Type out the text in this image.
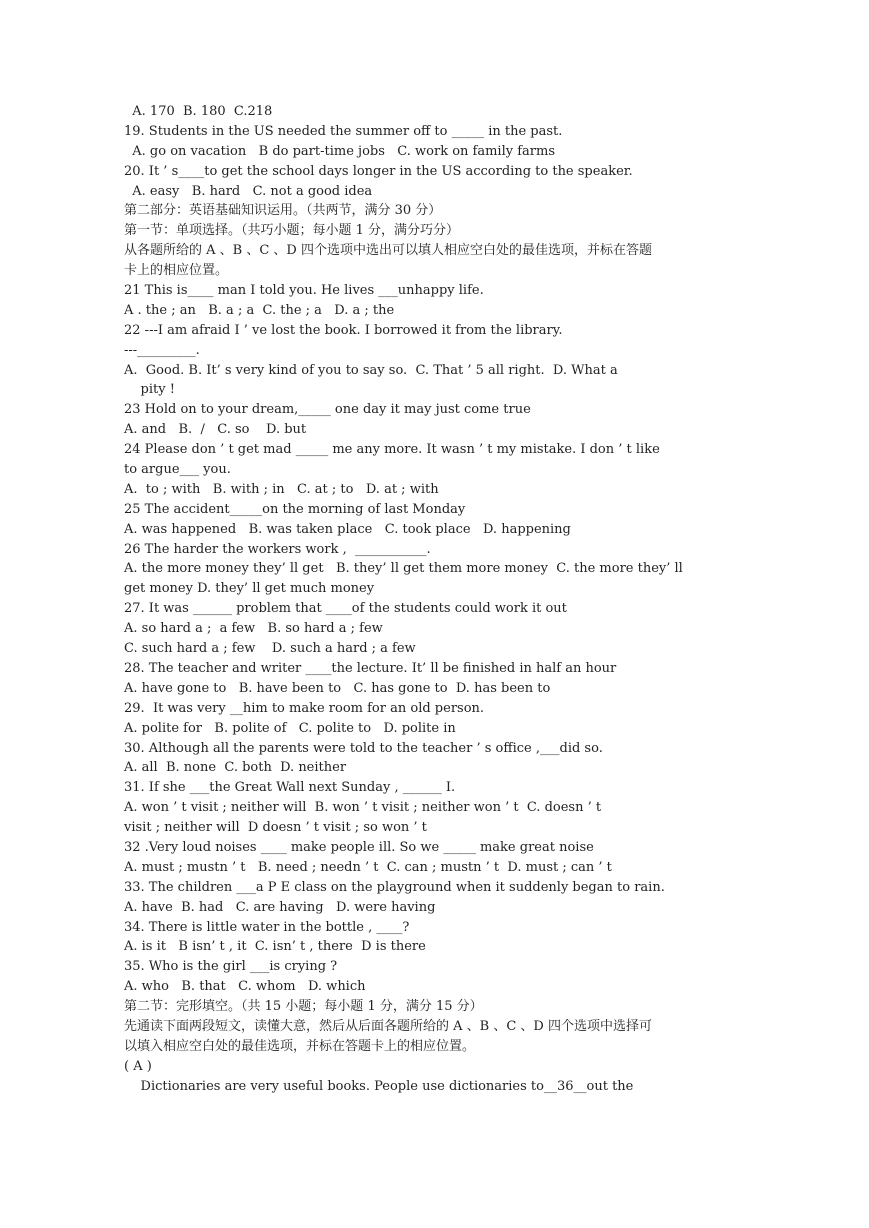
A. 170  B. 180  C.218
19. Students in the US needed the summer off to _____ in the past.
A. go on vacation   B do part-time jobs   C. work on family farms
20. It ’ s____to get the school days longer in the US according to the speaker.
A. easy   B. hard   C. not a good idea
第二部分：英语基础知识运用。（共两节，满分 30 分）
第一节：单项选择。（共巧小题；每小题 1 分，满分巧分）
从各题所给的 A 、B 、C 、D 四个选项中选出可以填人相应空白处的最佳选项，并标在答题
卡上的相应位置。
21 This is____ man I told you. He lives ___unhappy life.
A . the ; an   B. a ; a  C. the ; a   D. a ; the
22 ---I am afraid I ’ ve lost the book. I borrowed it from the library.
---_________.
A.  Good. B. It’ s very kind of you to say so.  C. That ’ 5 all right.  D. What a
pity !
23 Hold on to your dream,_____ one day it may just come true
A. and   B.  /   C. so    D. but
24 Please don ’ t get mad _____ me any more. It wasn ’ t my mistake. I don ’ t like
to argue___ you.
A.  to ; with   B. with ; in   C. at ; to   D. at ; with
25 The accident_____on the morning of last Monday
A. was happened   B. was taken place   C. took place   D. happening
26 The harder the workers work ,  ___________.
A. the more money they’ ll get   B. they’ ll get them more money  C. the more they’ ll
get money D. they’ ll get much money
27. It was ______ problem that ____of the students could work it out
A. so hard a ;  a few   B. so hard a ; few
C. such hard a ; few    D. such a hard ; a few
28. The teacher and writer ____the lecture. It’ ll be finished in half an hour
A. have gone to   B. have been to   C. has gone to  D. has been to
29.  It was very __him to make room for an old person.
A. polite for   B. polite of   C. polite to   D. polite in
30. Although all the parents were told to the teacher ’ s office ,___did so.
A. all  B. none  C. both  D. neither
31. If she ___the Great Wall next Sunday , ______ I.
A. won ’ t visit ; neither will  B. won ’ t visit ; neither won ’ t  C. doesn ’ t
visit ; neither will  D doesn ’ t visit ; so won ’ t
32 .Very loud noises ____ make people ill. So we _____ make great noise
A. must ; mustn ’ t   B. need ; needn ’ t  C. can ; mustn ’ t  D. must ; can ’ t
33. The children ___a P E class on the playground when it suddenly began to rain.
A. have  B. had   C. are having   D. were having
34. There is little water in the bottle , ____?
A. is it   B isn’ t , it  C. isn’ t , there  D is there
35. Who is the girl ___is crying ?
A. who   B. that   C. whom   D. which
第二节：完形填空。（共 15 小题；每小题 1 分，满分 15 分）
先通读下面两段短文，读懂大意，然后从后面各题所给的 A 、B 、C 、D 四个选项中选择可
以填入相应空白处的最佳选项，并标在答题卡上的相应位置。
( A )
Dictionaries are very useful books. People use dictionaries to__36__out the
